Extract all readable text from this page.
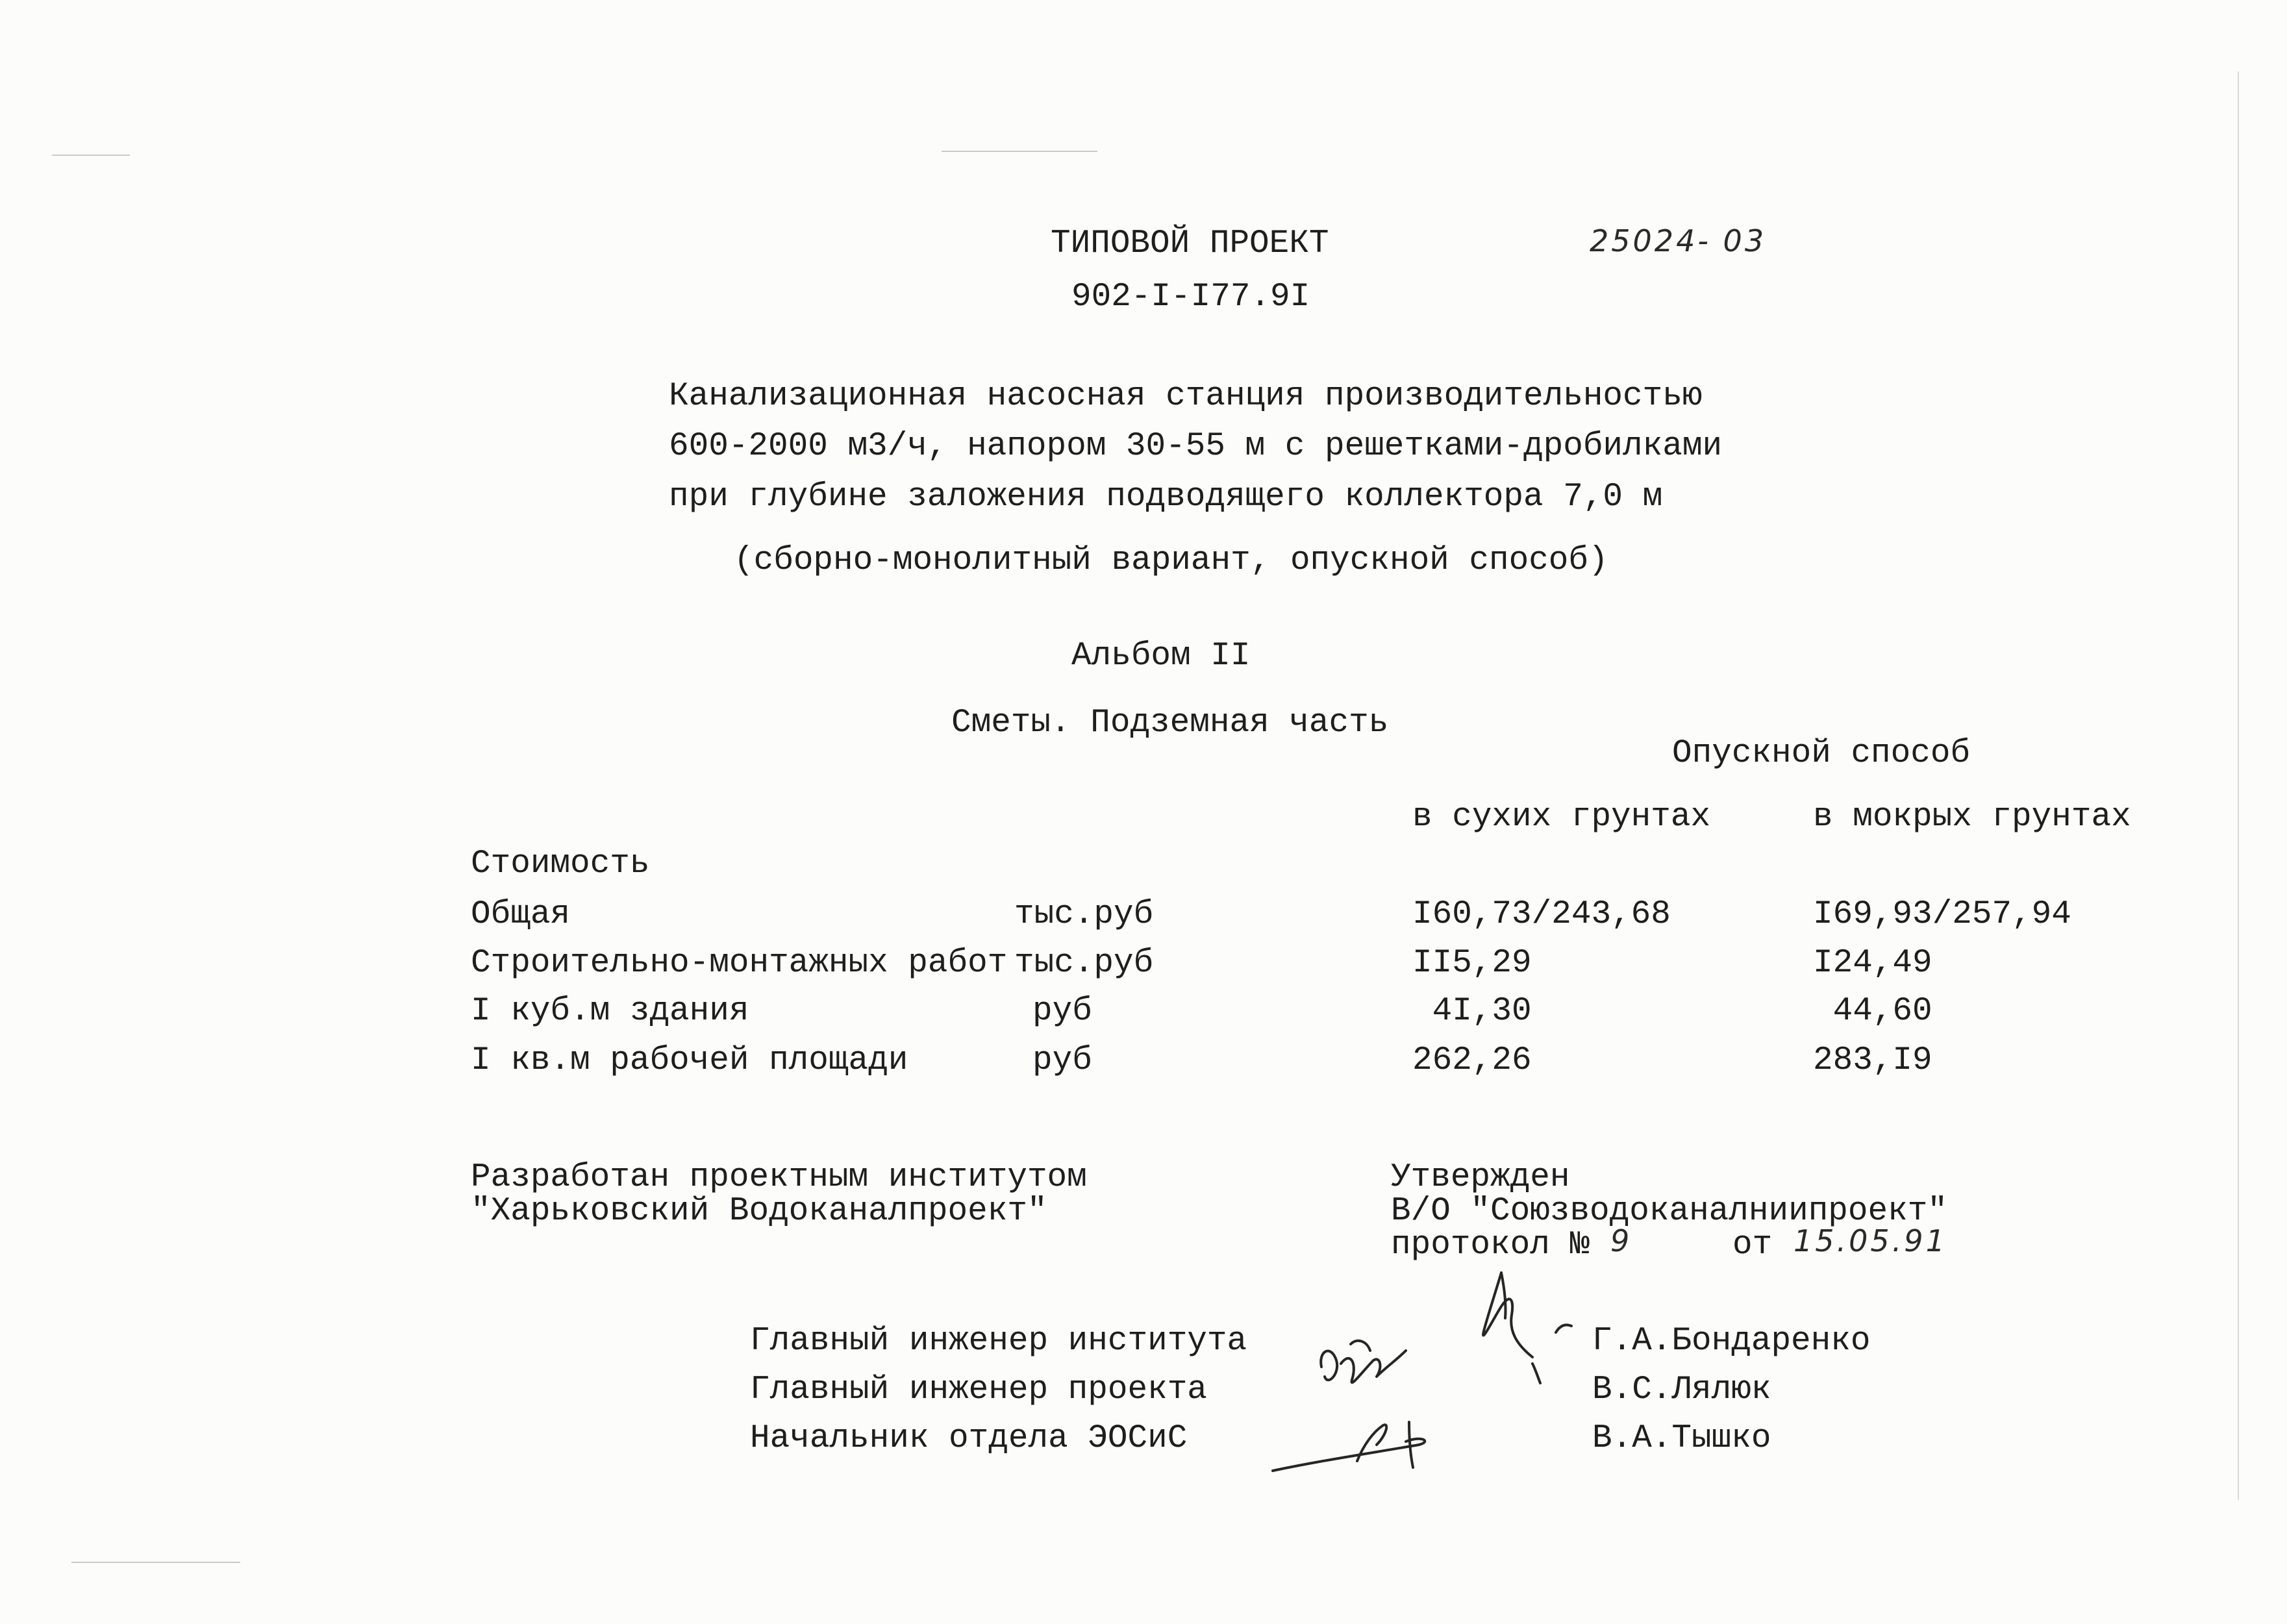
ТИПОВОЙ ПРОЕКТ	25024- 03
902-I-I77.9I
Канализационная насосная станция производительностью
600-2000 м3/ч, напором 30-55 м с решетками-дробилками
при глубине заложения подводящего коллектора 7,0 м
(сборно-монолитный вариант, опускной способ)
Альбом II
Сметы. Подземная часть
Опускной способ
в сухих грунтах	в мокрых грунтах
Стоимость
Общая	тыс.руб	I60,73/243,68	I69,93/257,94
Строительно-монтажных работ тыс.руб	II5,29	I24,49
I куб.м здания	руб	4I,30	44,60
I кв.м рабочей площади	руб	262,26	283,I9
Разработан проектным институтом
"Харьковский Водоканалпроект"
Утвержден
В/О "Союзводоканалниипроект"
протокол № 9	от 15.05.91
Главный инженер института	Г.А.Бондаренко
Главный инженер проекта	В.С.Лялюк
Начальник отдела ЭОСиС	В.А.Тышко
